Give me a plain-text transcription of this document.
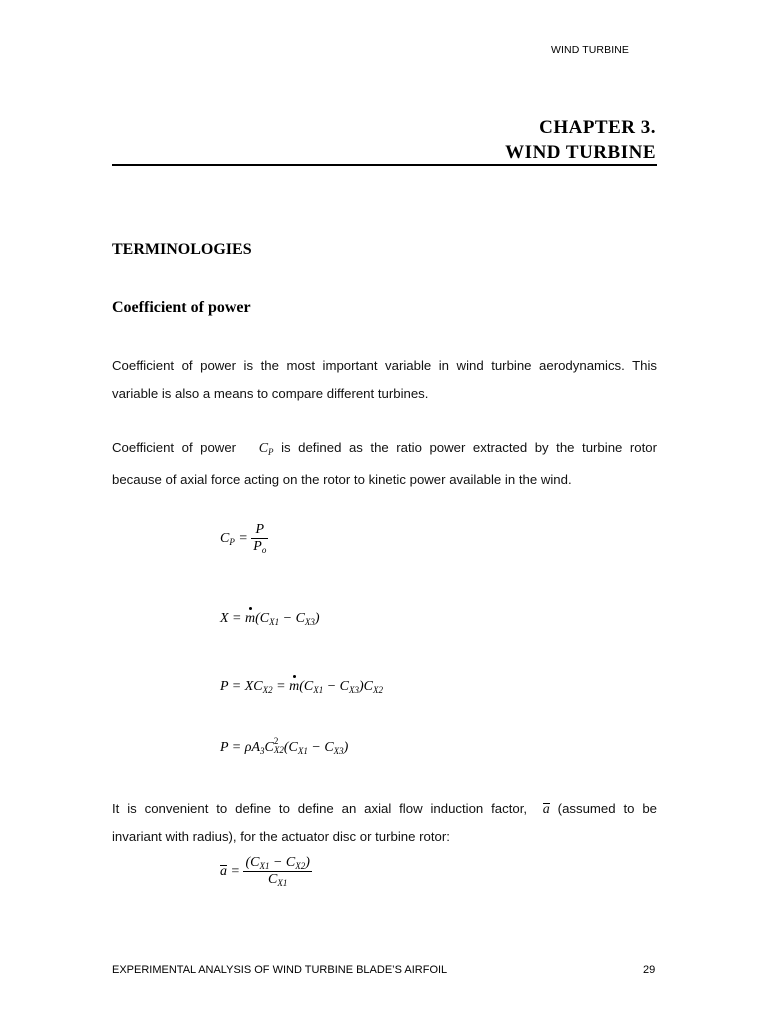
WIND TURBINE
CHAPTER 3.
WIND TURBINE
TERMINOLOGIES
Coefficient of power
Coefficient of power is the most important variable in wind turbine aerodynamics. This
variable is also a means to compare different turbines.
Coefficient of power $C_P$ is defined as the ratio power extracted by the turbine rotor
because of axial force acting on the rotor to kinetic power available in the wind.
$C_P = \frac{P}{P_o}$
$X = m(C_{X1} - C_{X3})$
$P = XC_{X2} = m(C_{X1} - C_{X3})C_{X2}$
$P = \rho A_3C$ 2
X2 $(C_{X1} - C_{X3})$
It is convenient to define to define an axial flow induction factor, a (assumed to be
invariant with radius), for the actuator disc or turbine rotor:
$a = \frac{(C_{X1} - C_{X2})}{C_{X1}}$
EXPERIMENTAL ANALYSIS OF WIND TURBINE BLADE’S AIRFOIL	29
